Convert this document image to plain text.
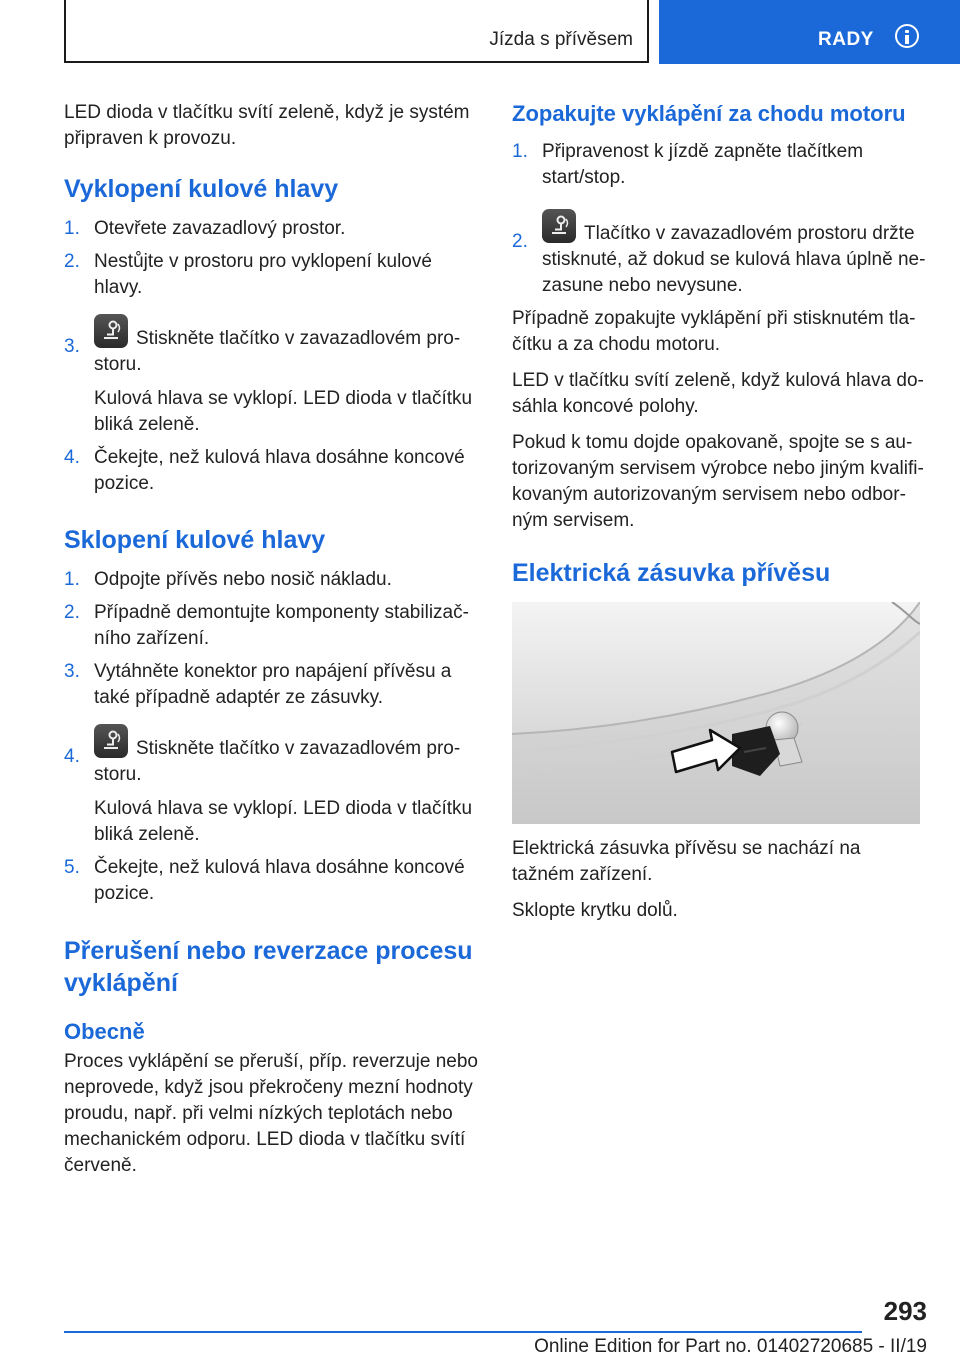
Jízda s přívěsem	RADY

LED dioda v tlačítku svítí zeleně, když je systém připraven k provozu.

Vyklopení kulové hlavy
1. Otevřete zavazadlový prostor.
2. Nestůjte v prostoru pro vyklopení kulové hlavy.
3.	Stiskněte tlačítko v zavazadlovém pro-storu.

Kulová hlava se vyklopí. LED dioda v tlačítku bliká zeleně.

4. Čekejte, než kulová hlava dosáhne koncové pozice.
Sklopení kulové hlavy
1. Odpojte přívěs nebo nosič nákladu.
2. Případně demontujte komponenty stabilizač-ního zařízení.
3. Vytáhněte konektor pro napájení přívěsu a také případně adaptér ze zásuvky.
4.	Stiskněte tlačítko v zavazadlovém pro-storu.

Kulová hlava se vyklopí. LED dioda v tlačítku bliká zeleně.

5. Čekejte, než kulová hlava dosáhne koncové pozice.
Přerušení nebo reverzace procesu vyklápění
Obecně

Proces vyklápění se přeruší, příp. reverzuje nebo neprovede, když jsou překročeny mezní hodnoty proudu, např. při velmi nízkých teplotách nebo mechanickém odporu. LED dioda v tlačítku svítí červeně.

Zopakujte vyklápění za chodu motoru
1. Připravenost k jízdě zapněte tlačítkem start/stop.
2.	Tlačítko v zavazadlovém prostoru držte stisknuté, až dokud se kulová hlava úplně ne-zasune nebo nevysune.

Případně zopakujte vyklápění při stisknutém tla-čítku a za chodu motoru.

LED v tlačítku svítí zeleně, když kulová hlava do-sáhla koncové polohy.

Pokud k tomu dojde opakovaně, spojte se s au-torizovaným servisem výrobce nebo jiným kvalifi-kovaným autorizovaným servisem nebo odbor-ným servisem.

Elektrická zásuvka přívěsu

Elektrická zásuvka přívěsu se nachází na tažném zařízení.

Sklopte krytku dolů.

293
Online Edition for Part no. 01402720685 - II/19
